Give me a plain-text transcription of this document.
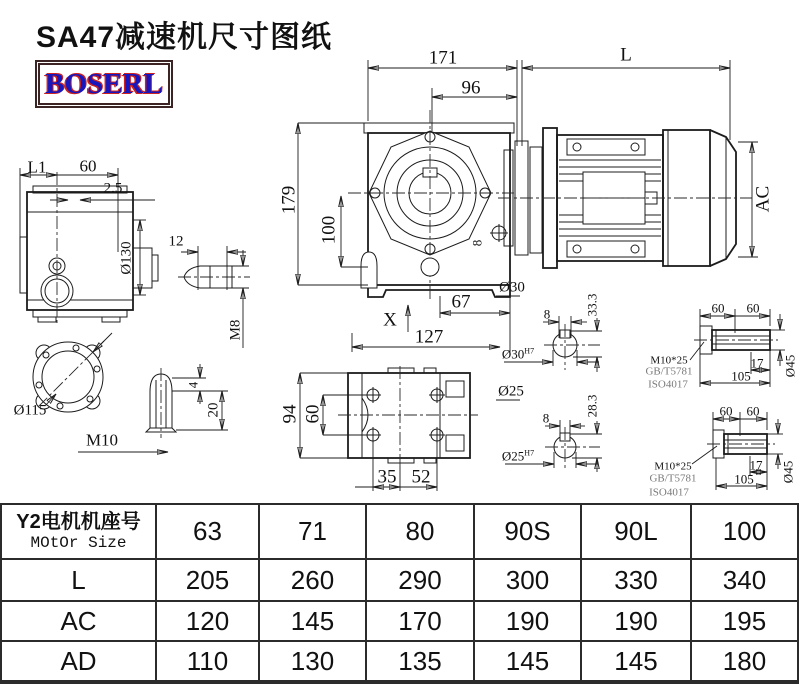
SA47减速机尺寸图纸
BOSERL
171
96
L
L1 60
2.5
Ø130 12
M8
179
100
X
67
127
Ø30
8
AC
8	33.3
$Ø30^{H7}$
Ø25
8
28.3
$Ø25^{H7}$
60 60
M10*25
GB/T5781
ISO4017
17
105 Ø45
60 60
M10*25
GB/T5781
ISO4017
17
105 Ø45
Ø115
M10
4
20	94 60
35 52
Y2电机机座号
MOtOr Size	63	71	80	90S	90L	100
L	205	260	290	300	330	340
AC	120	145	170	190	190	195
AD	110	130	135	145	145	180
